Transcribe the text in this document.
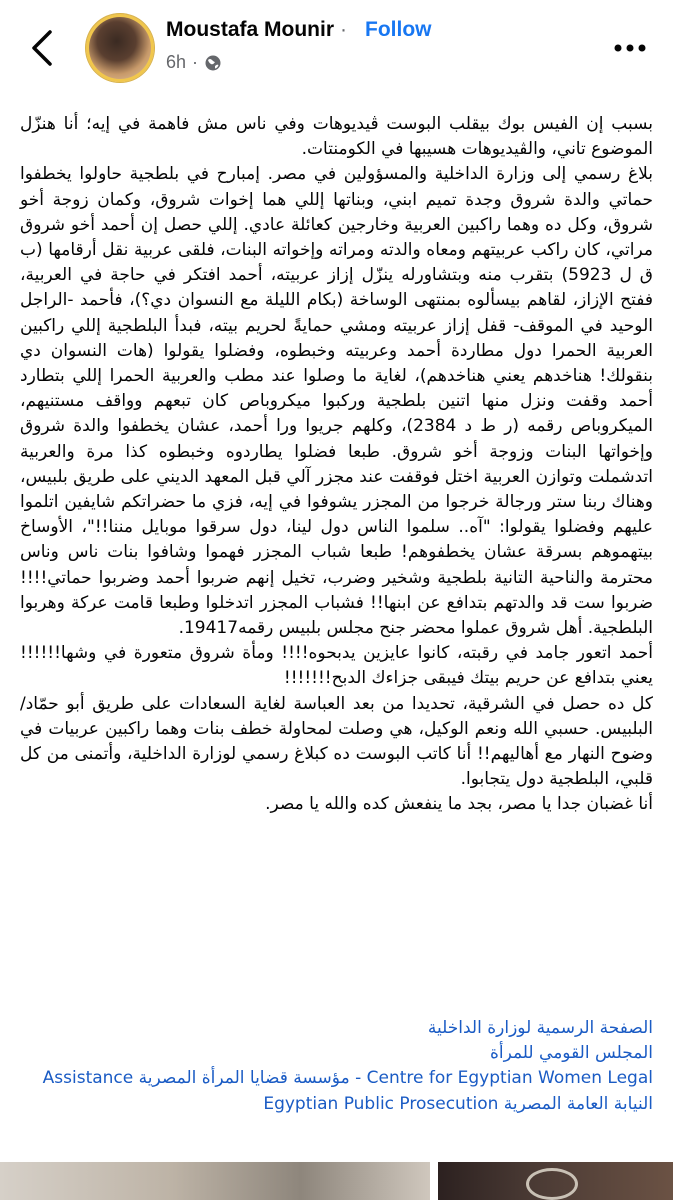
Moustafa Mounir · Follow
6h ·

بسبب إن الفيس بوك بيقلب البوست ڤيديوهات وفي ناس مش فاهمة في إيه؛ أنا هنزّل الموضوع تاني، والڤيديوهات هسيبها في الكومنتات.

بلاغ رسمي إلى وزارة الداخلية والمسؤولين في مصر. إمبارح في بلطجية حاولوا يخطفوا حماتي والدة شروق وجدة تميم ابني، وبناتها إللي هما إخوات شروق، وكمان زوجة أخو شروق، وكل ده وهما راكبين العربية وخارجين كعائلة عادي. إللي حصل إن أحمد أخو شروق مراتي، كان راكب عربيتهم ومعاه والدته ومراته وإخواته البنات، فلقى عربية نقل أرقامها (ب ق ل 5923) بتقرب منه وبتشاورله ينزّل إزاز عربيته، أحمد افتكر في حاجة في العربية، ففتح الإزاز، لقاهم بيسألوه بمنتهى الوساخة (بكام الليلة مع النسوان دي؟)، فأحمد -الراجل الوحيد في الموقف- قفل إزاز عربيته ومشي حمايةً لحريم بيته، فبدأ البلطجية إللي راكبين العربية الحمرا دول مطاردة أحمد وعربيته وخبطوه، وفضلوا يقولوا (هات النسوان دي بنقولك! هناخدهم يعني هناخدهم)، لغاية ما وصلوا عند مطب والعربية الحمرا إللي بتطارد أحمد وقفت ونزل منها اتنين بلطجية وركبوا ميكروباص كان تبعهم وواقف مستنيهم، الميكروباص رقمه (ر ط د 2384)، وكلهم جريوا ورا أحمد، عشان يخطفوا والدة شروق وإخواتها البنات وزوجة أخو شروق. طبعا فضلوا يطاردوه وخبطوه كذا مرة والعربية اتدشملت وتوازن العربية اختل فوقفت عند مجزر آلي قبل المعهد الديني على طريق بلبيس، وهناك ربنا ستر ورجالة خرجوا من المجزر يشوفوا في إيه، فزي ما حضراتكم شايفين اتلموا عليهم وفضلوا يقولوا: "آه.. سلموا الناس دول لينا، دول سرقوا موبايل مننا!!"، الأوساخ بيتهموهم بسرقة عشان يخطفوهم! طبعا شباب المجزر فهموا وشافوا بنات ناس وناس محترمة والناحية التانية بلطجية وشخير وضرب، تخيل إنهم ضربوا أحمد وضربوا حماتي!!!! ضربوا ست قد والدتهم بتدافع عن ابنها!! فشباب المجزر اتدخلوا وطبعا قامت عركة وهربوا البلطجية. أهل شروق عملوا محضر جنح مجلس بلبيس رقمه19417.

أحمد اتعور جامد في رقبته، كانوا عايزين يدبحوه!!!! ومأة شروق متعورة في وشها!!!!!! يعني بتدافع عن حريم بيتك فيبقى جزاءك الدبح!!!!!!!

كل ده حصل في الشرقية، تحديدا من بعد العباسة لغاية السعادات على طريق أبو حمّاد/ البلبيس. حسبي الله ونعم الوكيل، هي وصلت لمحاولة خطف بنات وهما راكبين عربيات في وضوح النهار مع أهاليهم!! أنا كاتب البوست ده كبلاغ رسمي لوزارة الداخلية، وأتمنى من كل قلبي، البلطجية دول يتجابوا.

أنا غضبان جدا يا مصر، بجد ما ينفعش كده والله يا مصر.

الصفحة الرسمية لوزارة الداخلية
المجلس القومي للمرأة
Centre for Egyptian Women Legal - مؤسسة قضايا المرأة المصرية Assistance
النيابة العامة المصرية Egyptian Public Prosecution
